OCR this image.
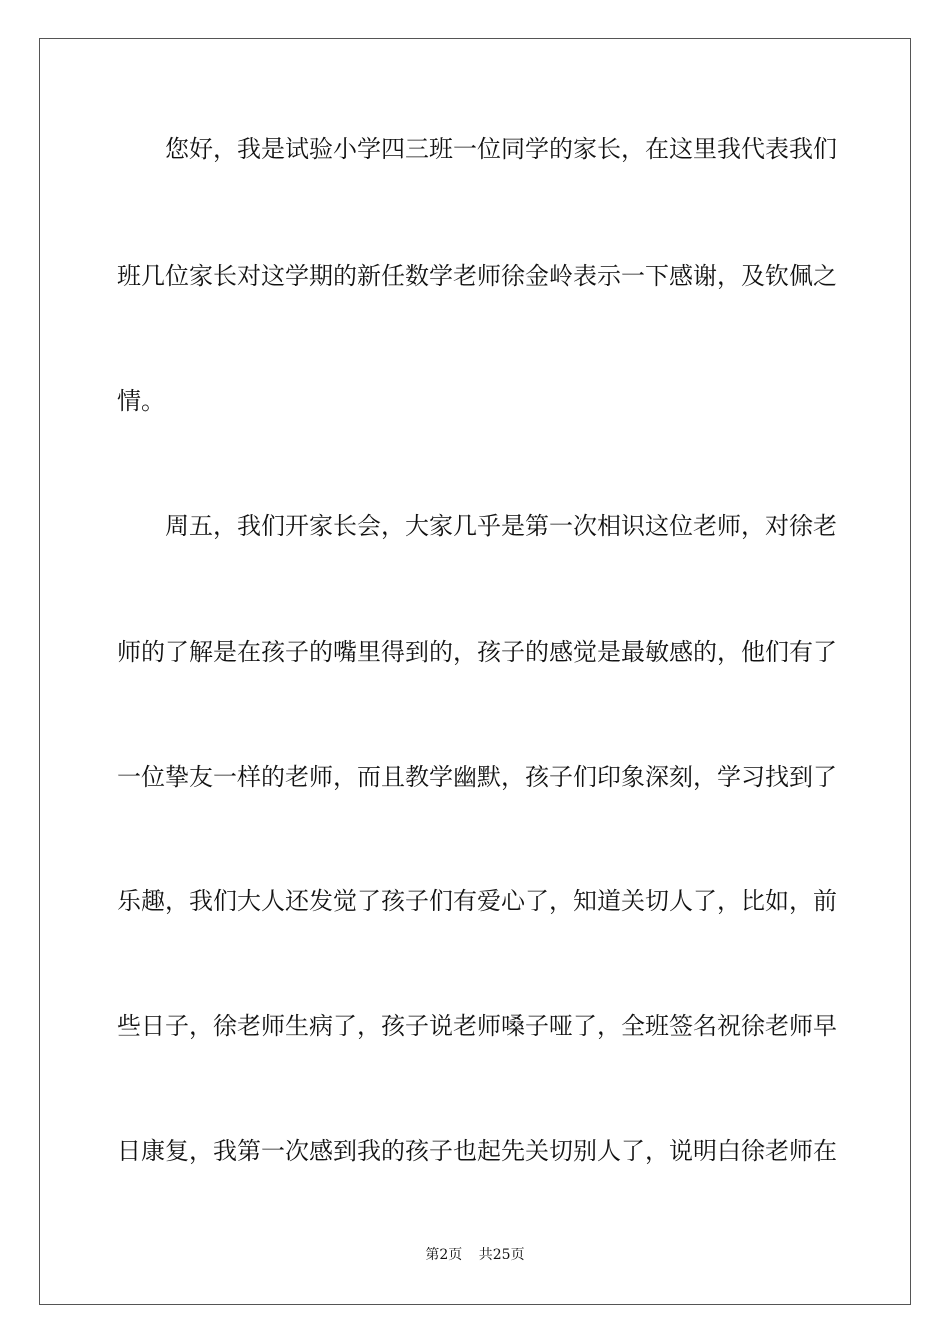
您好，我是试验小学四三班一位同学的家长，在这里我代表我们
班几位家长对这学期的新任数学老师徐金岭表示一下感谢，及钦佩之
情。
周五，我们开家长会，大家几乎是第一次相识这位老师，对徐老
师的了解是在孩子的嘴里得到的，孩子的感觉是最敏感的，他们有了
一位挚友一样的老师，而且教学幽默，孩子们印象深刻，学习找到了
乐趣，我们大人还发觉了孩子们有爱心了，知道关切人了，比如，前
些日子，徐老师生病了，孩子说老师嗓子哑了，全班签名祝徐老师早
日康复，我第一次感到我的孩子也起先关切别人了，说明白徐老师在
第2页 共25页
